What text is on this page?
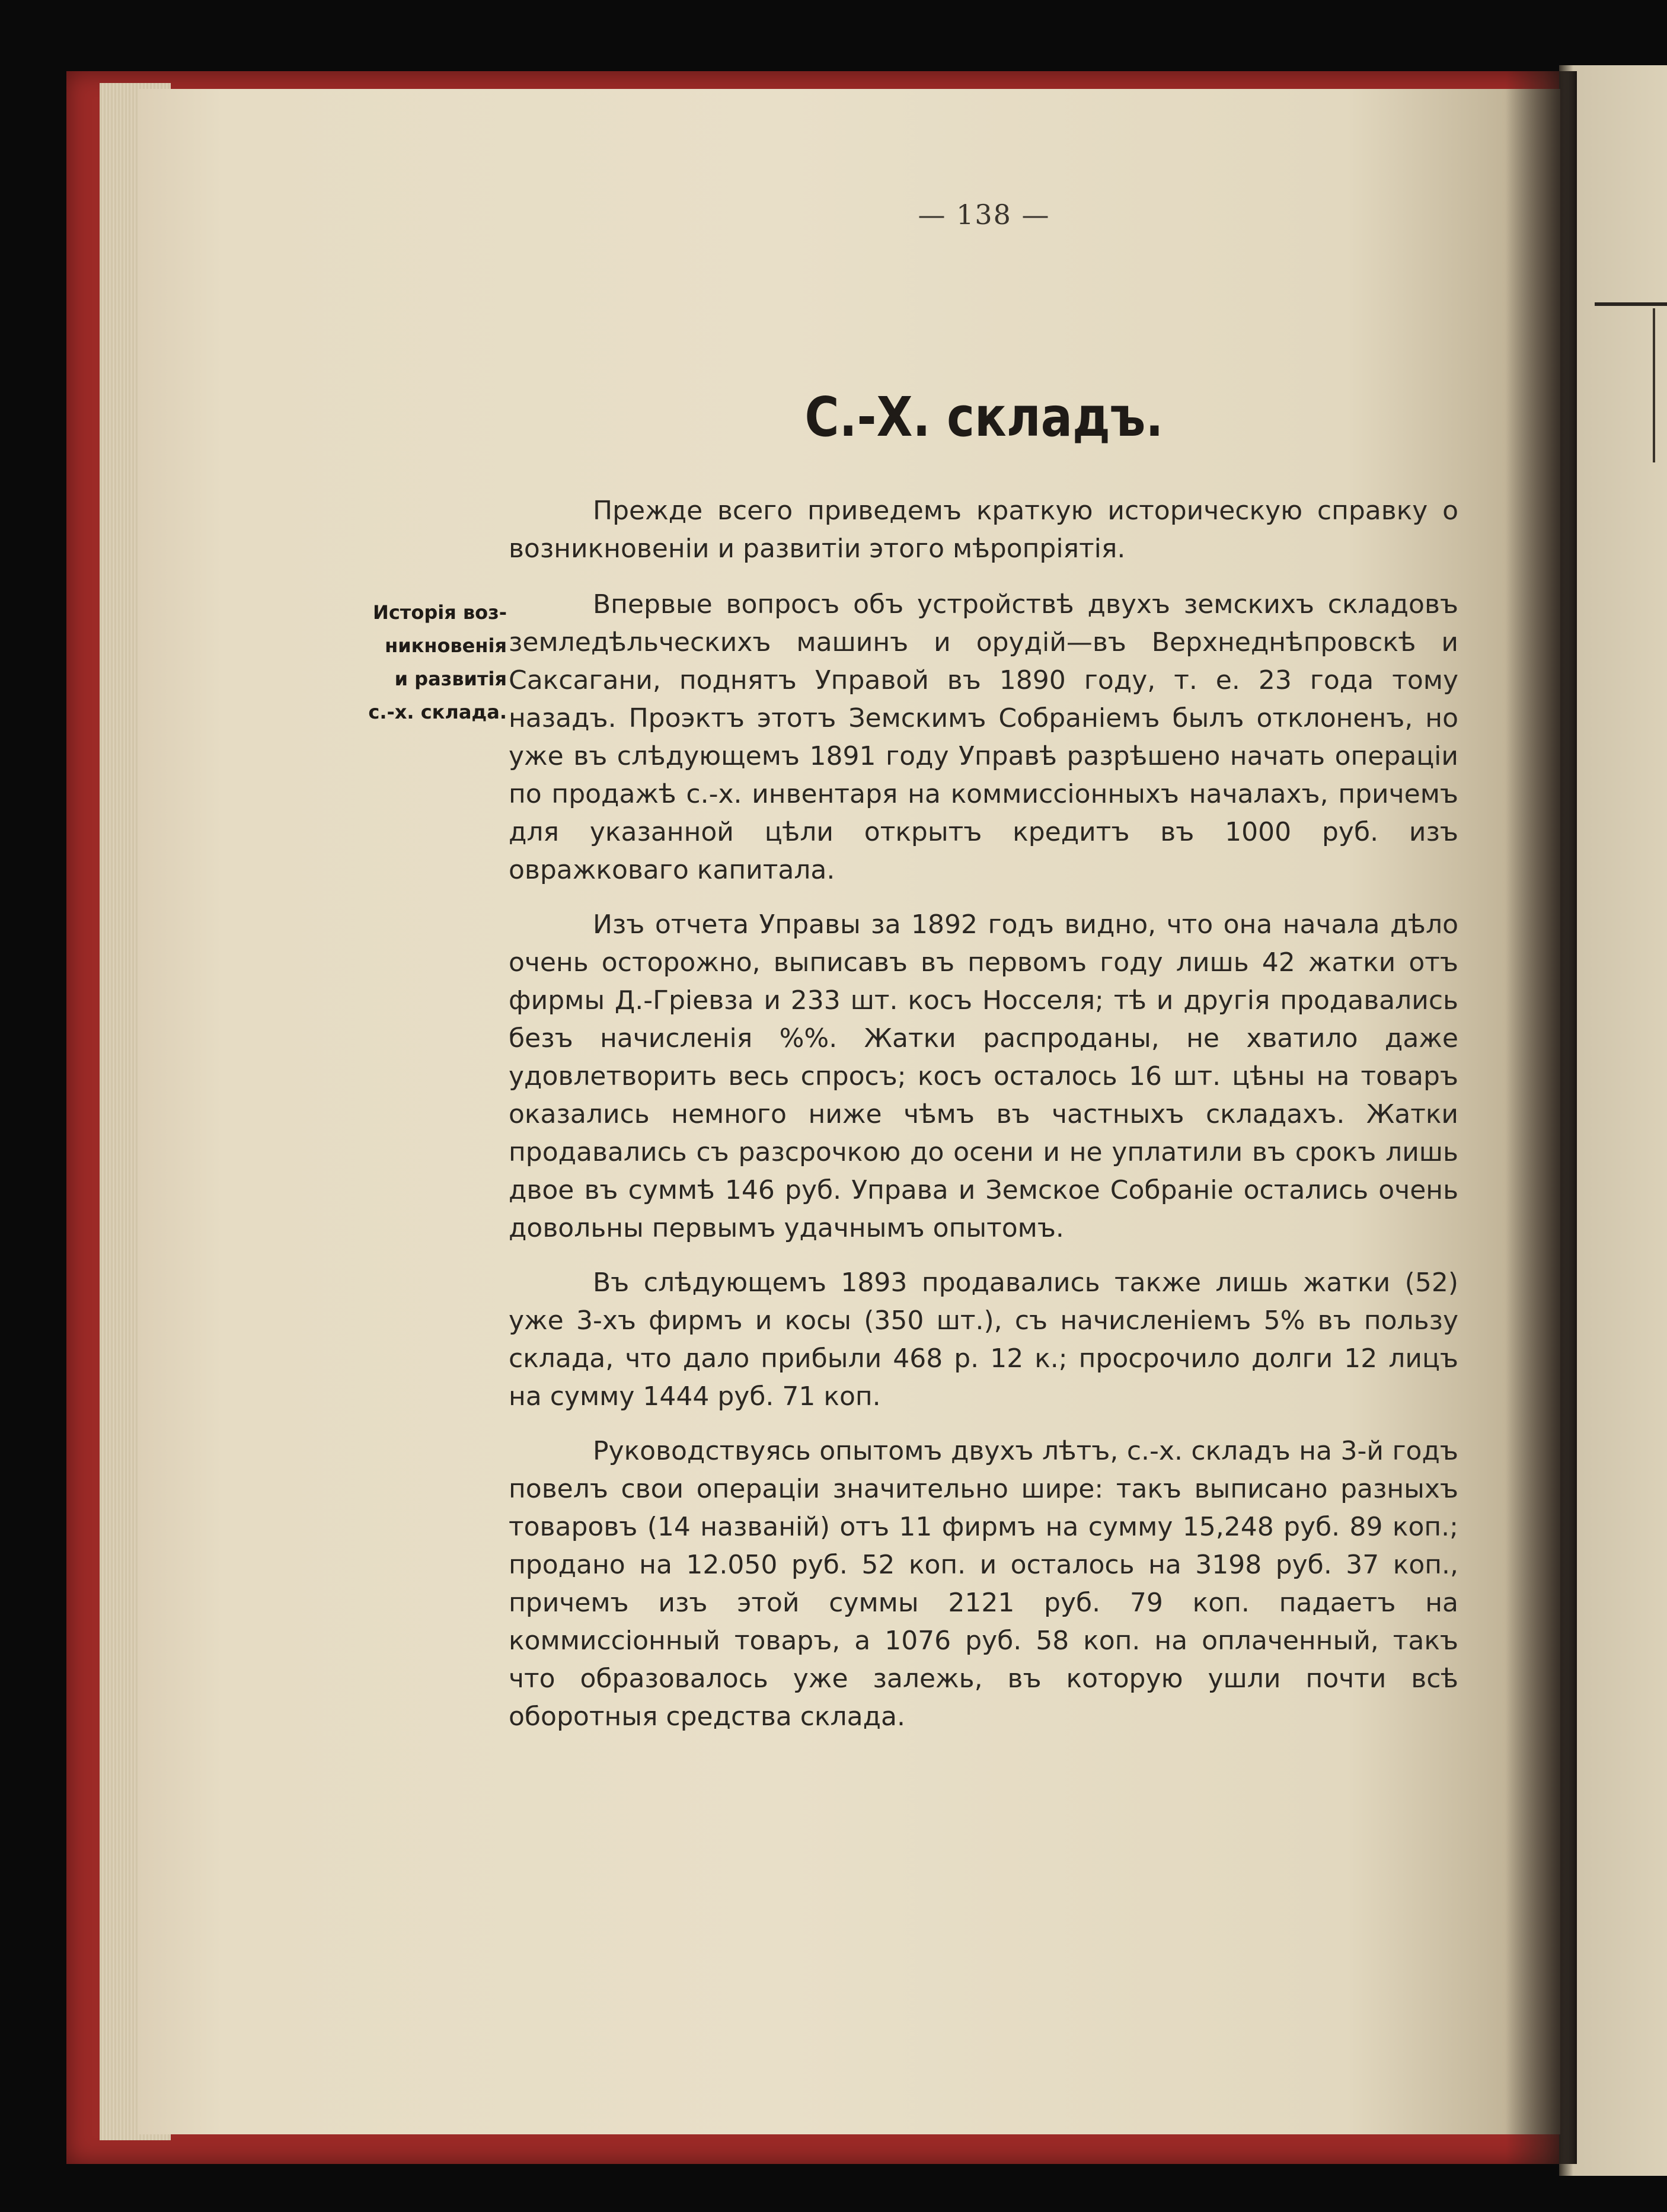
— 138 —
С.-Х. складъ.
Исторія воз-
никновенія
и развитія
с.-х. склада.

Прежде всего приведемъ краткую историческую справку о возникновеніи и развитіи этого мѣропріятія.

Впервые вопросъ объ устройствѣ двухъ земскихъ складовъ земледѣльческихъ машинъ и орудій—въ Верхнеднѣпровскѣ и Саксагани, поднятъ Управой въ 1890 году, т. е. 23 года тому назадъ. Проэктъ этотъ Земскимъ Собраніемъ былъ отклоненъ, но уже въ слѣдующемъ 1891 году Управѣ разрѣшено начать операціи по продажѣ с.-х. инвентаря на коммиссіонныхъ началахъ, причемъ для указанной цѣли открытъ кредитъ въ 1000 руб. изъ овражковаго капитала.

Изъ отчета Управы за 1892 годъ видно, что она начала дѣло очень осторожно, выписавъ въ первомъ году лишь 42 жатки отъ фирмы Д.-Гріевза и 233 шт. косъ Носселя; тѣ и другія продавались безъ начисленія %%. Жатки распроданы, не хватило даже удовлетворить весь спросъ; косъ осталось 16 шт. цѣны на товаръ оказались немного ниже чѣмъ въ частныхъ складахъ. Жатки продавались съ разсрочкою до осени и не уплатили въ срокъ лишь двое въ суммѣ 146 руб. Управа и Земское Собраніе остались очень довольны первымъ удачнымъ опытомъ.

Въ слѣдующемъ 1893 продавались также лишь жатки (52) уже 3-хъ фирмъ и косы (350 шт.), съ начисленіемъ 5% въ пользу склада, что дало прибыли 468 р. 12 к.; просрочило долги 12 лицъ на сумму 1444 руб. 71 коп.

Руководствуясь опытомъ двухъ лѣтъ, с.-х. складъ на 3-й годъ повелъ свои операціи значительно шире: такъ выписано разныхъ товаровъ (14 названій) отъ 11 фирмъ на сумму 15,248 руб. 89 коп.; продано на 12.050 руб. 52 коп. и осталось на 3198 руб. 37 коп., причемъ изъ этой суммы 2121 руб. 79 коп. падаетъ на коммиссіонный товаръ, а 1076 руб. 58 коп. на оплаченный, такъ что образовалось уже залежь, въ которую ушли почти всѣ оборотныя средства склада.
